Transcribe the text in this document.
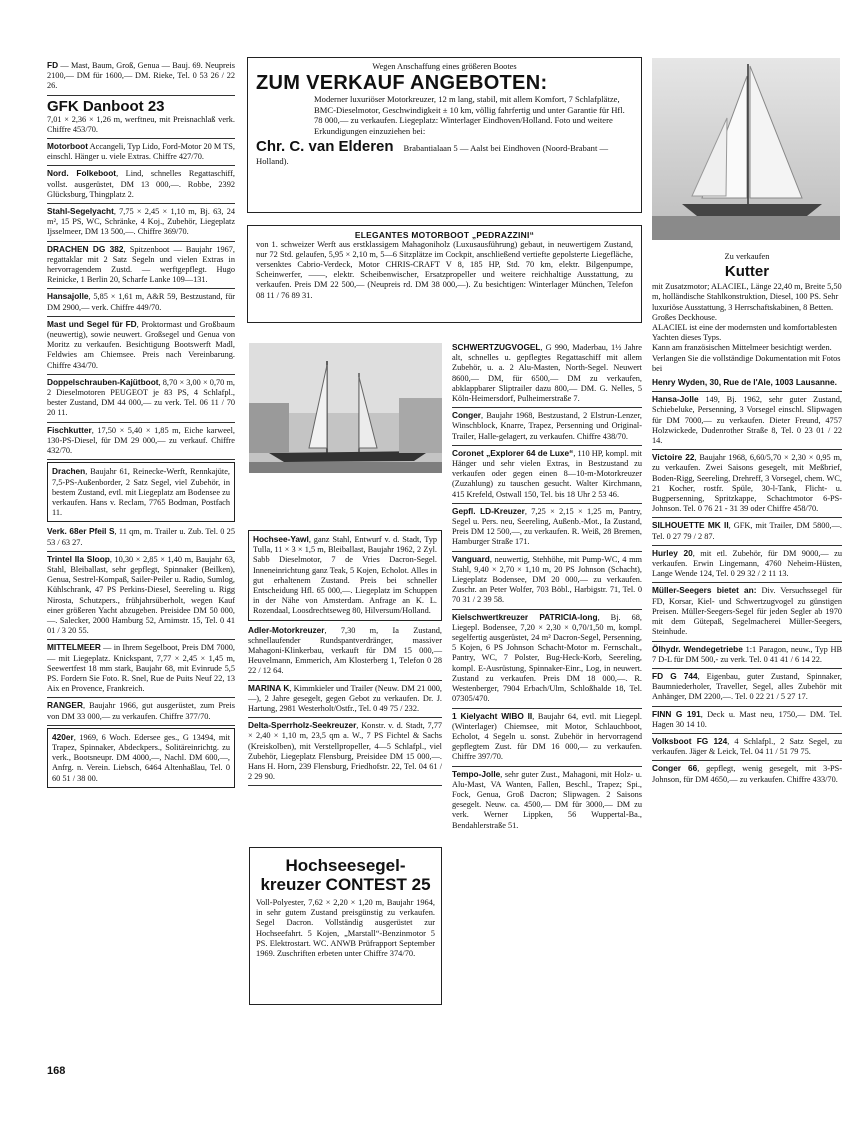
FD — Mast, Baum, Groß, Genua — Bauj. 69. Neupreis 2100,— DM für 1600,— DM. Rieke, Tel. 0 53 26 / 22 26.
GFK Danboot 23
7,01 × 2,36 × 1,26 m, werftneu, mit Preisnachlaß verk. Chiffre 453/70.
Motorboot Accangeli, Typ Lido, Ford-Motor 20 M TS, einschl. Hänger u. viele Extras. Chiffre 427/70.
Nord. Folkeboot, Lind, schnelles Regattaschiff, vollst. ausgerüstet, DM 13 000,—. Robbe, 2392 Glücksburg, Thingplatz 2.
Stahl-Segelyacht, 7,75 × 2,45 × 1,10 m, Bj. 63, 24 m², 15 PS, WC, Schränke, 4 Koj., Zubehör, Liegeplatz Ijsselmeer, DM 13 500,—. Chiffre 369/70.
DRACHEN DG 382, Spitzenboot — Baujahr 1967, regattaklar mit 2 Satz Segeln und vielen Extras in hervorragendem Zustd. — werftgepflegt. Hugo Reinicke, 1 Berlin 20, Scharfe Lanke 109—131.
Hansajolle, 5,85 × 1,61 m, A&R 59, Bestzustand, für DM 2900,— verk. Chiffre 449/70.
Mast und Segel für FD, Proktormast und Großbaum (neuwertig), sowie neuwert. Großsegel und Genua von Moritz zu verkaufen. Besichtigung Bootswerft Madl, Feldwies am Chiemsee. Preis nach Vereinbarung. Chiffre 434/70.
Doppelschrauben-Kajütboot, 8,70 × 3,00 × 0,70 m, 2 Dieselmotoren PEUGEOT je 83 PS, 4 Schlafpl., bester Zustand, DM 44 000,— zu verk. Tel. 06 11 / 70 20 11.
Fischkutter, 17,50 × 5,40 × 1,85 m, Eiche karweel, 130-PS-Diesel, für DM 29 000,— zu verkauf. Chiffre 432/70.
Drachen, Baujahr 61, Reinecke-Werft, Rennkajüte, 7,5-PS-Außenborder, 2 Satz Segel, viel Zubehör, in bestem Zustand, evtl. mit Liegeplatz am Bodensee zu verkaufen. Hans v. Reclam, 7765 Bodman, Postfach 11.
Verk. 68er Pfeil S, 11 qm, m. Trailer u. Zub. Tel. 0 25 53 / 63 27.
Trintel IIa Sloop, 10,30 × 2,85 × 1,40 m, Baujahr 63, Stahl, Bleiballast, sehr gepflegt, Spinnaker (Beilken), Genua, Sestrel-Kompaß, Sailer-Peiler u. Radio, Sumlog, Kühlschrank, 47 PS Perkins-Diesel, Seereling u. Rigg Nirosta, Schutzpers., frühjahrsüberholt, wegen Kauf einer größeren Yacht abzugeben. Preisidee DM 50 000,—. Salecker, 2000 Hamburg 52, Arnimstr. 15, Tel. 0 41 01 / 3 20 55.
MITTELMEER — in Ihrem Segelboot, Preis DM 7000,— mit Liegeplatz. Knickspant, 7,77 × 2,45 × 1,45 m, Seewertfest 18 mm stark, Baujahr 68, mit Evinrude 5,5 PS. Fordern Sie Foto. R. Snel, Rue de Puits Neuf 22, 13 Aix en Provence, Frankreich.
RANGER, Baujahr 1966, gut ausgerüstet, zum Preis von DM 33 000,— zu verkaufen. Chiffre 377/70.
420er, 1969, 6 Woch. Edersee ges., G 13494, mit Trapez, Spinnaker, Abdeckpers., Solitäreinrichtg. zu verk., Bootsneupr. DM 4000,—, Nachl. DM 600,—, Anfrg. n. Verein. Liebsch, 6464 Altenhaßlau, Tel. 0 60 51 / 38 00.
Wegen Anschaffung eines größeren Bootes
ZUM VERKAUF ANGEBOTEN:
Moderner luxuriöser Motorkreuzer, 12 m lang, stabil, mit allem Komfort, 7 Schlafplätze, BMC-Dieselmotor, Geschwindigkeit ± 10 km, völlig fahrfertig und unter Garantie für Hfl. 78 000,— zu verkaufen. Liegeplatz: Winterlager Eindhoven/Holland. Foto und weitere Erkundigungen einzuziehen bei:
Chr. C. van Elderen Brabantialaan 5 — Aalst bei Eindhoven (Noord-Brabant — Holland).
ELEGANTES MOTORBOOT „PEDRAZZINI“
von 1. schweizer Werft aus erstklassigem Mahagoniholz (Luxusausführung) gebaut, in neuwertigem Zustand, nur 72 Std. gelaufen, 5,95 × 2,10 m, 5—6 Sitzplätze im Cockpit, anschließend vertiefte gepolsterte Liegefläche, versenktes Cabrio-Verdeck, Motor CHRIS-CRAFT V 8, 185 HP, Std. 70 km, elektr. Bilgenpumpe, Scheinwerfer, ——, elektr. Scheibenwischer, Ersatzpropeller und weitere reichhaltige Ausstattung, zu verkaufen. Preis DM 22 500,— (Neupreis rd. DM 38 000,—). Zu besichtigen: Winterlager München, Telefon 08 11 / 76 89 31.
Hochsee-Yawl, ganz Stahl, Entwurf v. d. Stadt, Typ Tulla, 11 × 3 × 1,5 m, Bleiballast, Baujahr 1962, 2 Zyl. Sabb Dieselmotor, 7 de Vries Dacron-Segel. Inneneinrichtung ganz Teak, 5 Kojen, Echolot. Alles in gut erhaltenem Zustand. Preis bei schneller Entscheidung Hfl. 65 000,—. Liegeplatz im Schuppen in der Nähe von Amsterdam. Anfrage an K. L. Rozendaal, Loosdrechtseweg 80, Hilversum/Holland.
Adler-Motorkreuzer, 7,30 m, Ia Zustand, schnellaufender Rundspantverdränger, massiver Mahagoni-Klinkerbau, verkauft für DM 15 000,— Heuvelmann, Emmerich, Am Klosterberg 1, Telefon 0 28 22 / 12 64.
MARINA K, Kimmkieler und Trailer (Neuw. DM 21 000,—), 2 Jahre gesegelt, gegen Gebot zu verkaufen. Dr. J. Hartung, 2981 Westerholt/Ostfr., Tel. 0 49 75 / 232.
Delta-Sperrholz-Seekreuzer, Konstr. v. d. Stadt, 7,77 × 2,40 × 1,10 m, 23,5 qm a. W., 7 PS Fichtel & Sachs (Kreiskolben), mit Verstellpropeller, 4—5 Schlafpl., viel Zubehör, Liegeplatz Flensburg, Preisidee DM 15 000,—. Hans H. Horn, 239 Flensburg, Friedhofstr. 22, Tel. 04 61 / 2 29 90.
Hochseesegel-kreuzer CONTEST 25
Voll-Polyester, 7,62 × 2,20 × 1,20 m, Baujahr 1964, in sehr gutem Zustand preisgünstig zu verkaufen. Segel Dacron. Vollständig ausgerüstet zur Hochseefahrt. 5 Kojen, „Marstall“-Benzinmotor 5 PS. Elektrostart. WC. ANWB Prüfrapport September 1969. Zuschriften erbeten unter Chiffre 374/70.
SCHWERTZUGVOGEL, G 990, Maderbau, 1½ Jahre alt, schnelles u. gepflegtes Regattaschiff mit allem Zubehör, u. a. 2 Alu-Masten, North-Segel. Neuwert 8600,— DM, für 6500,— DM zu verkaufen, abklappbarer Sliptrailer dazu 800,— DM. G. Nelles, 5 Köln-Heimersdorf, Pulheimerstraße 7.
Conger, Baujahr 1968, Bestzustand, 2 Elstrun-Lenzer, Winschblock, Knarre, Trapez, Persenning und Original-Trailer, Halle-gelagert, zu verkaufen. Chiffre 438/70.
Coronet „Explorer 64 de Luxe“, 110 HP, kompl. mit Hänger und sehr vielen Extras, in Bestzustand zu verkaufen oder gegen einen 8—10-m-Motorkreuzer (Zuzahlung) zu tauschen gesucht. Walter Kirchmann, 415 Krefeld, Ostwall 150, Tel. bis 18 Uhr 2 53 46.
Gepfl. LD-Kreuzer, 7,25 × 2,15 × 1,25 m, Pantry, Segel u. Pers. neu, Seereling, Außenb.-Mot., Ia Zustand, Preis DM 12 500,—, zu verkaufen. R. Weiß, 28 Bremen, Hamburger Straße 171.
Vanguard, neuwertig, Stehhöhe, mit Pump-WC, 4 mm Stahl, 9,40 × 2,70 × 1,10 m, 20 PS Johnson (Schacht), Liegeplatz Bodensee, DM 20 000,— zu verkaufen. Zuschr. an Peter Wolfer, 703 Böbl., Harbigstr. 71, Tel. 0 70 31 / 2 39 58.
Kielschwertkreuzer PATRICIA-long, Bj. 68, Liegepl. Bodensee, 7,20 × 2,30 × 0,70/1,50 m, kompl. segelfertig ausgerüstet, 24 m² Dacron-Segel, Persenning, 5 Kojen, 6 PS Johnson Schacht-Motor m. Fernschalt., Pantry, WC, 7 Polster, Bug-Heck-Korb, Seereling, kompl. E-Ausrüstung, Spinnaker-Einr., Log, in neuwert. Zustand zu verkaufen. Preis DM 18 000,—. R. Westenberger, 7904 Erbach/Ulm, Schloßhalde 18, Tel. 07305/470.
1 Kielyacht WIBO II, Baujahr 64, evtl. mit Liegepl. (Winterlager) Chiemsee, mit Motor, Schlauchboot, Echolot, 4 Segeln u. sonst. Zubehör in hervorragend gepflegtem Zust. für DM 16 000,— zu verkaufen. Chiffre 397/70.
Tempo-Jolle, sehr guter Zust., Mahagoni, mit Holz- u. Alu-Mast, VA Wanten, Fallen, Beschl., Trapez; Spi., Fock, Genua, Groß Dacron; Slipwagen. 2 Saisons gesegelt. Neuw. ca. 4500,— DM für 3000,— DM zu verk. Werner Lippken, 56 Wuppertal-Ba., Bendahlerstraße 51.
Zu verkaufen
Kutter
mit Zusatzmotor; ALACIEL, Länge 22,40 m, Breite 5,50 m, holländische Stahlkonstruktion, Diesel, 100 PS. Sehr luxuriöse Ausstattung, 3 Herrschaftskabinen, 8 Betten. Großes Deckhouse.
ALACIEL ist eine der modernsten und komfortablesten Yachten dieses Typs.
Kann am französischen Mittelmeer besichtigt werden.
Verlangen Sie die vollständige Dokumentation mit Fotos bei
Henry Wyden, 30, Rue de l'Ale, 1003 Lausanne.
Hansa-Jolle 149, Bj. 1962, sehr guter Zustand, Schiebeluke, Persenning, 3 Vorsegel einschl. Slipwagen für DM 7000,— zu verkaufen. Dieter Freund, 4757 Holzwickede, Dudenrother Straße 8, Tel. 0 23 01 / 22 14.
Victoire 22, Baujahr 1968, 6,60/5,70 × 2,30 × 0,95 m, zu verkaufen. Zwei Saisons gesegelt, mit Meßbrief, Boden-Rigg, Seereling, Drehreff, 3 Vorsegel, chem. WC, 21 Kocher, rostfr. Spüle, 30-l-Tank, Flicht- u. Bugpersenning, Spritzkappe, Schachtmotor 6-PS-Johnson. Tel. 0 76 21 - 31 39 oder Chiffre 458/70.
SILHOUETTE MK II, GFK, mit Trailer, DM 5800,—. Tel. 0 27 79 / 2 87.
Hurley 20, mit etl. Zubehör, für DM 9000,— zu verkaufen. Erwin Lingemann, 4760 Neheim-Hüsten, Lange Wende 124, Tel. 0 29 32 / 2 11 13.
Müller-Seegers bietet an: Div. Versuchssegel für FD, Korsar, Kiel- und Schwertzugvogel zu günstigen Preisen. Müller-Seegers-Segel für jeden Segler ab 1970 mit dem Gütepaß, Segelmacherei Müller-Seegers, Steinhude.
Ölhydr. Wendegetriebe 1:1 Paragon, neuw., Typ HB 7 D-L für DM 500,- zu verk. Tel. 0 41 41 / 6 14 22.
FD G 744, Eigenbau, guter Zustand, Spinnaker, Baumniederholer, Traveller, Segel, alles Zubehör mit Anhänger, DM 2200,—. Tel. 0 22 21 / 5 27 17.
FINN G 191, Deck u. Mast neu, 1750,— DM. Tel. Hagen 30 14 10.
Volksboot FG 124, 4 Schlafpl., 2 Satz Segel, zu verkaufen. Jäger & Leick, Tel. 04 11 / 51 79 75.
Conger 66, gepflegt, wenig gesegelt, mit 3-PS-Johnson, für DM 4650,— zu verkaufen. Chiffre 433/70.
168
